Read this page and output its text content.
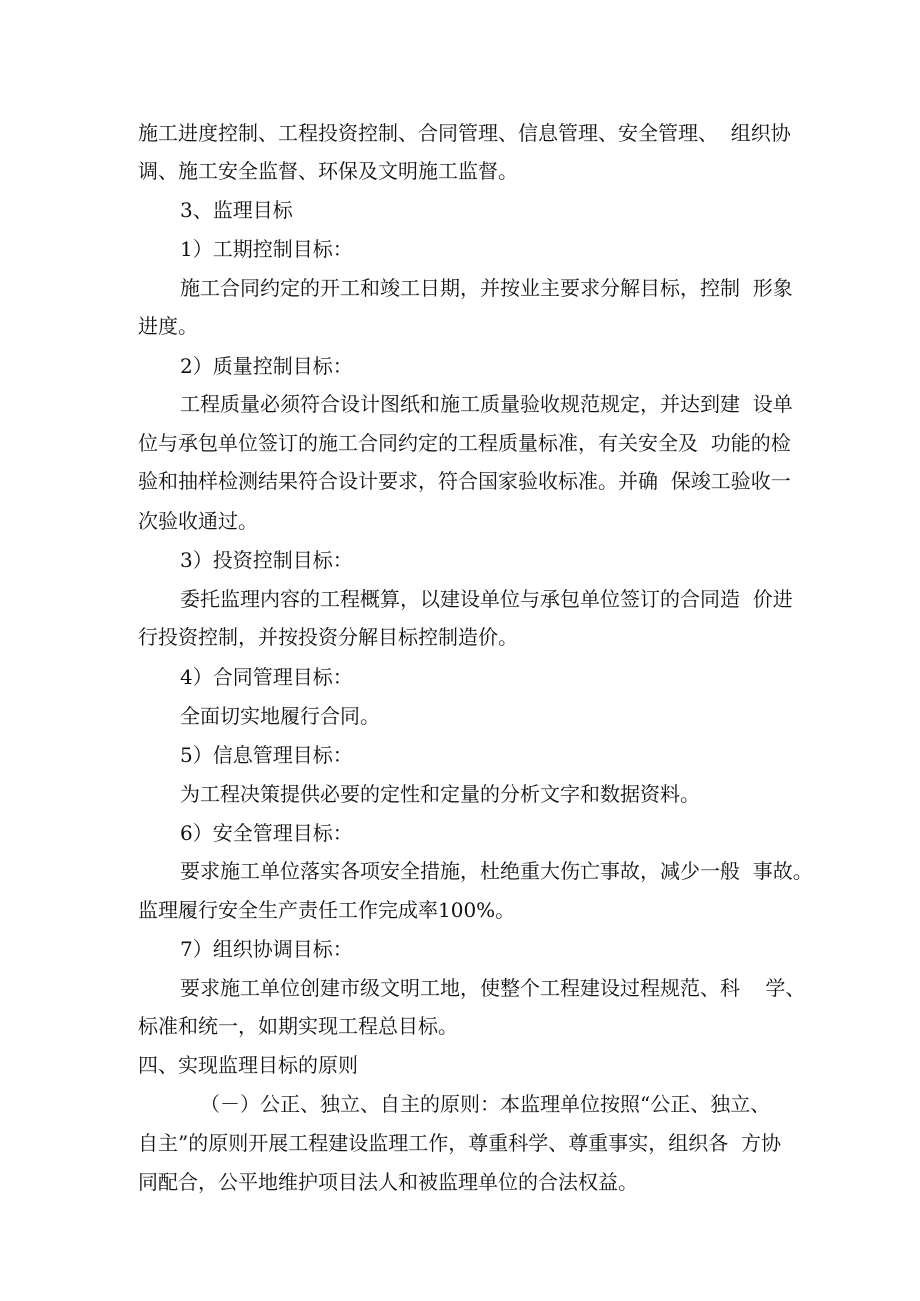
施工进度控制、工程投资控制、合同管理、信息管理、安全管理、  组织协
调、施工安全监督、环保及文明施工监督。
3、监理目标
1）工期控制目标：
施工合同约定的开工和竣工日期，并按业主要求分解目标，控制  形象
进度。
2）质量控制目标：
工程质量必须符合设计图纸和施工质量验收规范规定，并达到建  设单
位与承包单位签订的施工合同约定的工程质量标准，有关安全及  功能的检
验和抽样检测结果符合设计要求，符合国家验收标准。并确  保竣工验收一
次验收通过。
3）投资控制目标：
委托监理内容的工程概算，以建设单位与承包单位签订的合同造  价进
行投资控制，并按投资分解目标控制造价。
4）合同管理目标：
全面切实地履行合同。
5）信息管理目标：
为工程决策提供必要的定性和定量的分析文字和数据资料。
6）安全管理目标：
要求施工单位落实各项安全措施，杜绝重大伤亡事故，减少一般  事故。
监理履行安全生产责任工作完成率100%。
7）组织协调目标：
要求施工单位创建市级文明工地，使整个工程建设过程规范、科    学、
标准和统一，如期实现工程总目标。
四、实现监理目标的原则
（－）公正、独立、自主的原则：本监理单位按照“公正、独立、
自主”的原则开展工程建设监理工作，尊重科学、尊重事实，组织各  方协
同配合，公平地维护项目法人和被监理单位的合法权益。
